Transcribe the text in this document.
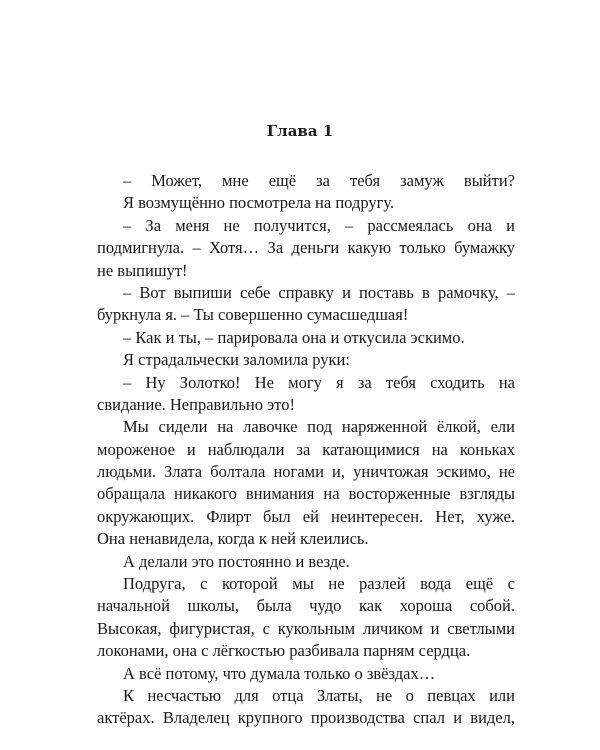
Глава 1
– Может, мне ещё за тебя замуж выйти?
Я возмущённо посмотрела на подругу.
– За меня не получится, – рассмеялась она и
подмигнула. – Хотя… За деньги какую только бумажку
не выпишут!
– Вот выпиши себе справку и поставь в рамочку, –
буркнула я. – Ты совершенно сумасшедшая!
– Как и ты, – парировала она и откусила эскимо.
Я страдальчески заломила руки:
– Ну Золотко! Не могу я за тебя сходить на
свидание. Неправильно это!
Мы сидели на лавочке под наряженной ёлкой, ели
мороженое и наблюдали за катающимися на коньках
людьми. Злата болтала ногами и, уничтожая эскимо, не
обращала никакого внимания на восторженные взгляды
окружающих. Флирт был ей неинтересен. Нет, хуже.
Она ненавидела, когда к ней клеились.
А делали это постоянно и везде.
Подруга, с которой мы не разлей вода ещё с
начальной школы, была чудо как хороша собой.
Высокая, фигуристая, с кукольным личиком и светлыми
локонами, она с лёгкостью разбивала парням сердца.
А всё потому, что думала только о звёздах…
К несчастью для отца Златы, не о певцах или
актёрах. Владелец крупного производства спал и видел,
